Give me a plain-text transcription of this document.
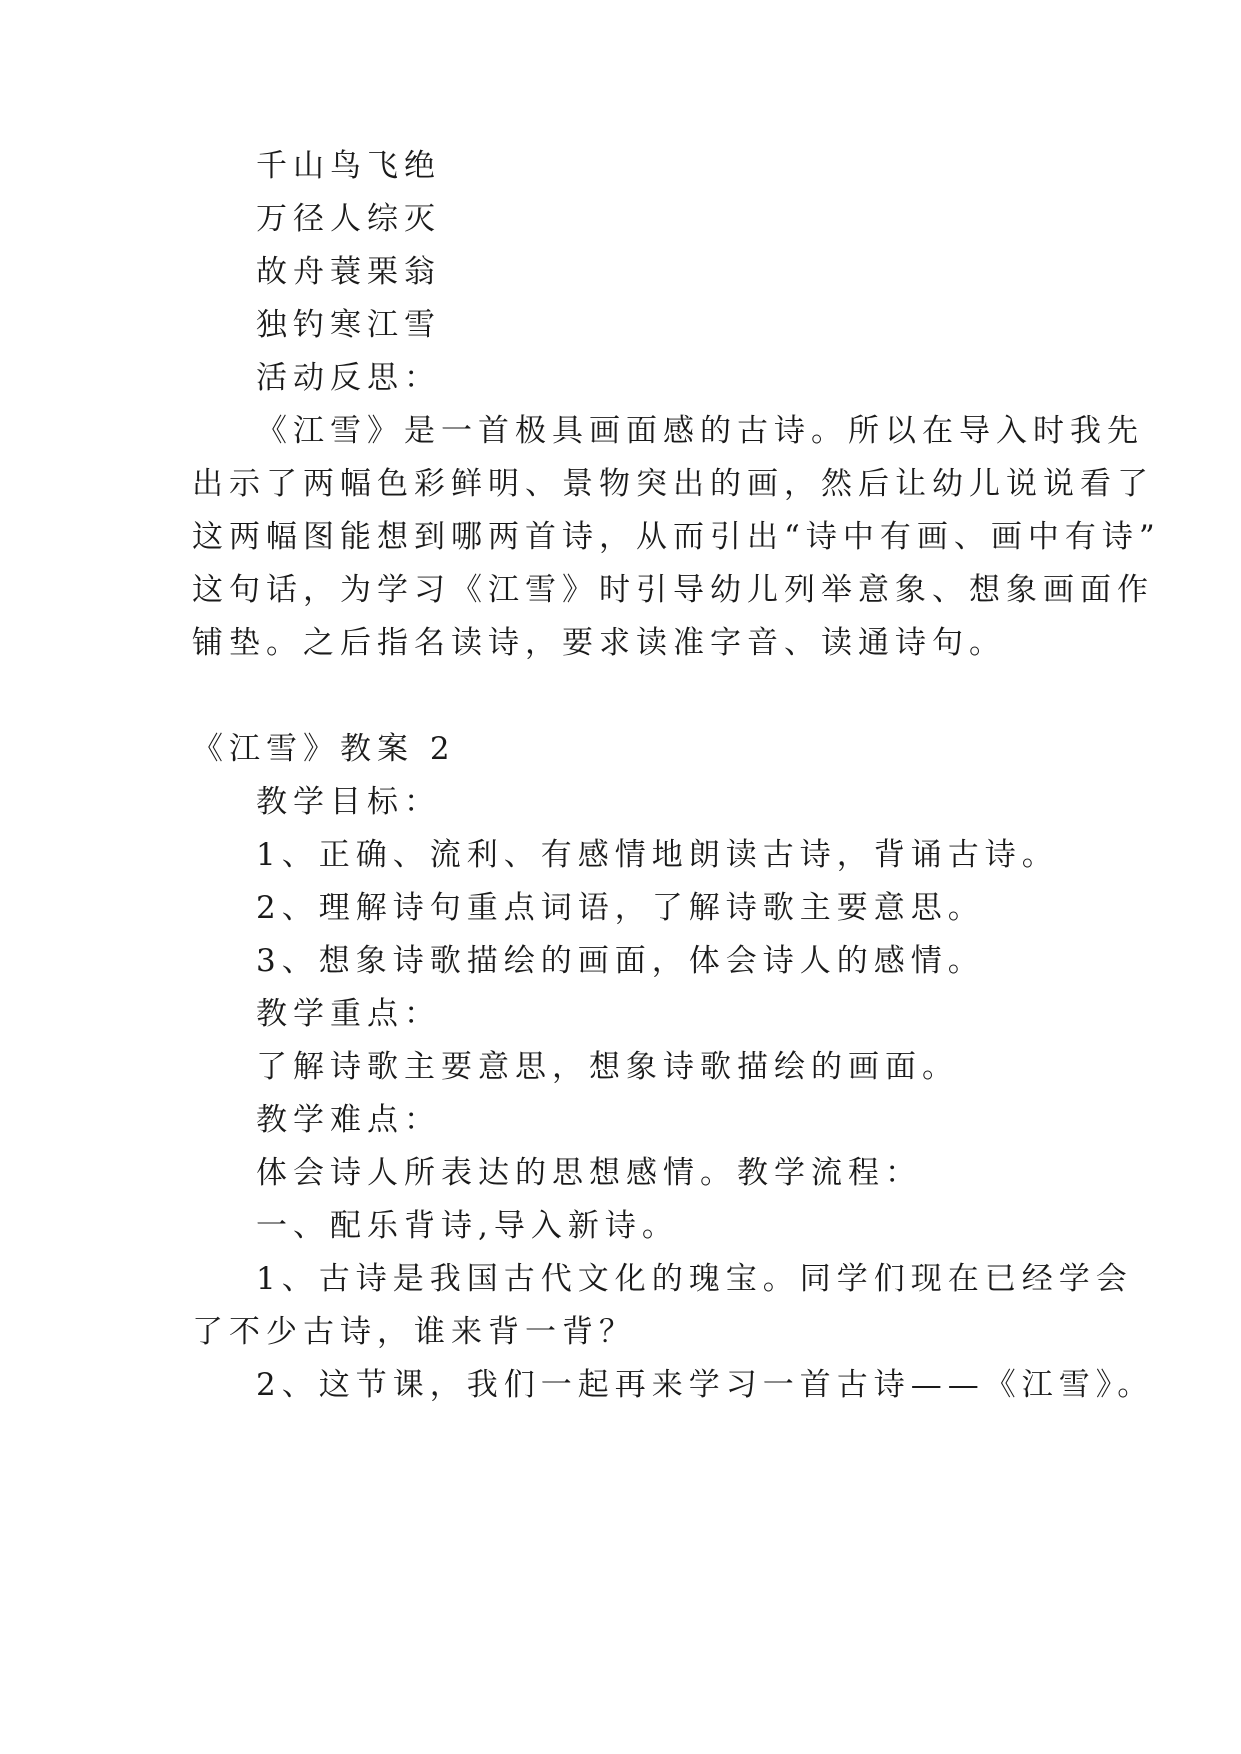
千山鸟飞绝
万径人综灭
故舟蓑栗翁
独钓寒江雪
活动反思：
《江雪》是一首极具画面感的古诗。所以在导入时我先
出示了两幅色彩鲜明、景物突出的画，然后让幼儿说说看了
这两幅图能想到哪两首诗，从而引出“诗中有画、画中有诗”
这句话，为学习《江雪》时引导幼儿列举意象、想象画面作
铺垫。之后指名读诗，要求读准字音、读通诗句。
《江雪》教案 2
教学目标：
1、正确、流利、有感情地朗读古诗，背诵古诗。
2、理解诗句重点词语，了解诗歌主要意思。
3、想象诗歌描绘的画面，体会诗人的感情。
教学重点：
了解诗歌主要意思，想象诗歌描绘的画面。
教学难点：
体会诗人所表达的思想感情。教学流程：
一、配乐背诗,导入新诗。
1、古诗是我国古代文化的瑰宝。同学们现在已经学会
了不少古诗，谁来背一背？
2、这节课，我们一起再来学习一首古诗——《江雪》。
